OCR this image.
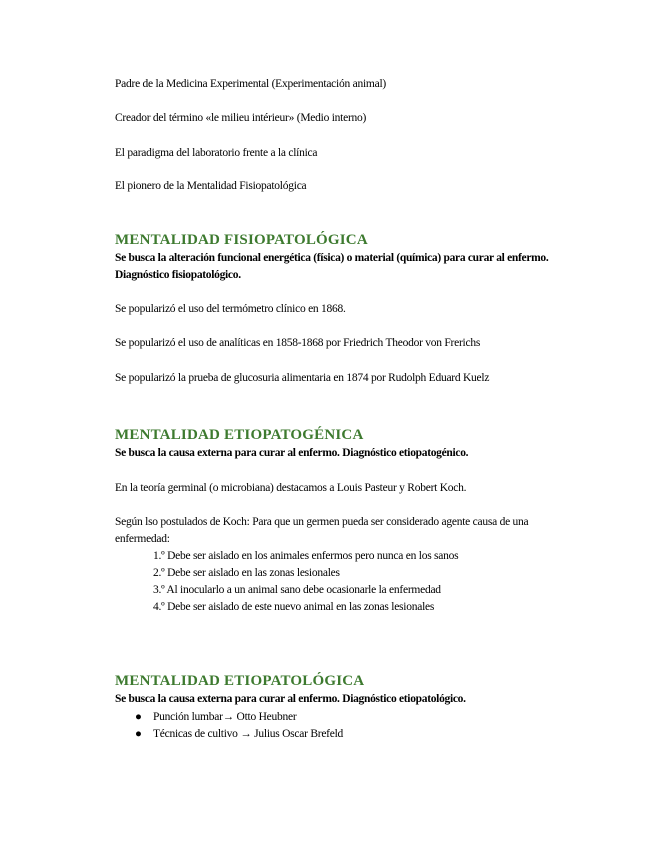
Padre de la Medicina Experimental (Experimentación animal)
Creador del término «le milieu intérieur» (Medio interno)
El paradigma del laboratorio frente a la clínica
El pionero de la Mentalidad Fisiopatológica
MENTALIDAD FISIOPATOLÓGICA
Se busca la alteración funcional energética (física) o material (química) para curar al enfermo. Diagnóstico fisiopatológico.
Se popularizó el uso del termómetro clínico en 1868.
Se popularizó el uso de analíticas en 1858-1868 por Friedrich Theodor von Frerichs
Se popularizó la prueba de glucosuria alimentaria en 1874 por Rudolph Eduard Kuelz
MENTALIDAD ETIOPATOGÉNICA
Se busca la causa externa para curar al enfermo. Diagnóstico etiopatogénico.
En la teoría germinal (o microbiana) destacamos a Louis Pasteur y Robert Koch.
Según lso postulados de Koch: Para que un germen pueda ser considerado agente causa de una enfermedad:
1.º Debe ser aislado en los animales enfermos pero nunca en los sanos
2.º Debe ser aislado en las zonas lesionales
3.º Al inocularlo a un animal sano debe ocasionarle la enfermedad
4.º Debe ser aislado de este nuevo animal en las zonas lesionales
MENTALIDAD ETIOPATOLÓGICA
Se busca la causa externa para curar al enfermo. Diagnóstico etiopatológico.
● Punción lumbar→ Otto Heubner
● Técnicas de cultivo → Julius Oscar Brefeld
